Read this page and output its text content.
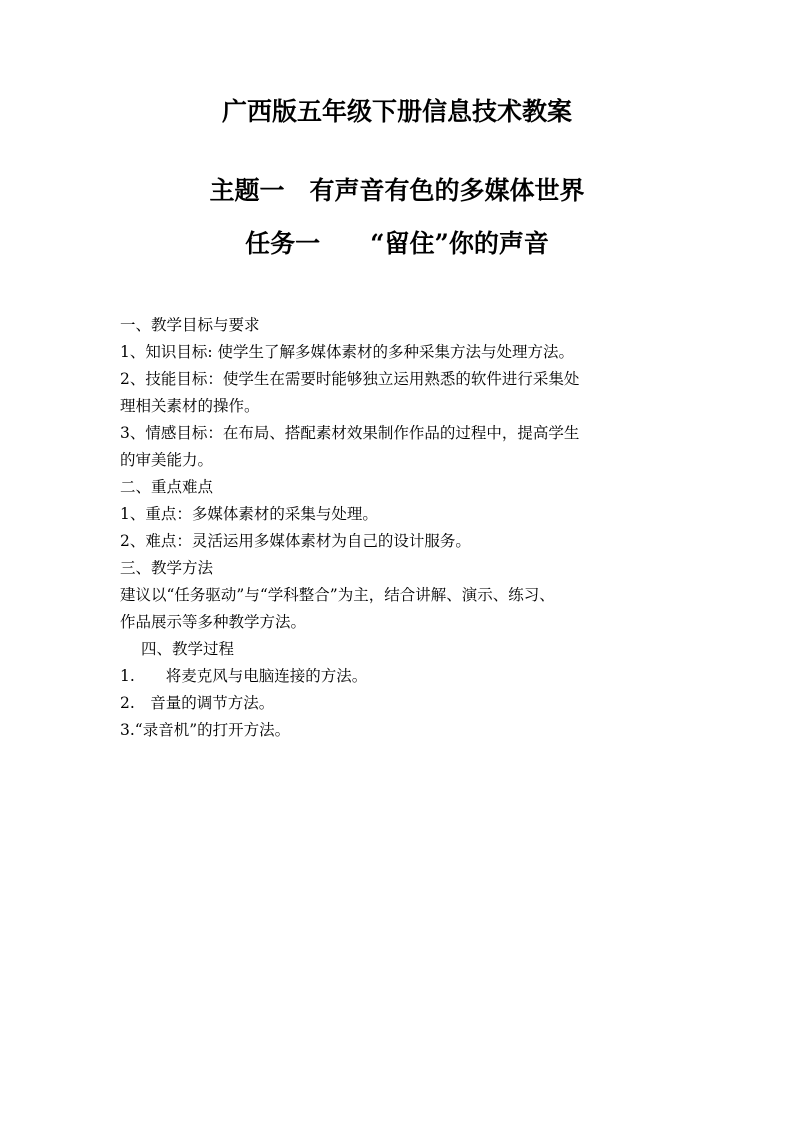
广西版五年级下册信息技术教案
主题一　有声音有色的多媒体世界
任务一　　“留住”你的声音
一、教学目标与要求
1、知识目标: 使学生了解多媒体素材的多种采集方法与处理方法。
2、技能目标：使学生在需要时能够独立运用熟悉的软件进行采集处
理相关素材的操作。
3、情感目标：在布局、搭配素材效果制作作品的过程中，提高学生
的审美能力。
二、重点难点
1、重点：多媒体素材的采集与处理。
2、难点：灵活运用多媒体素材为自己的设计服务。
三、教学方法
建议以“任务驱动”与“学科整合”为主，结合讲解、演示、练习、
作品展示等多种教学方法。
四、教学过程
1.　　将麦克风与电脑连接的方法。
2.　音量的调节方法。
3.“录音机”的打开方法。
